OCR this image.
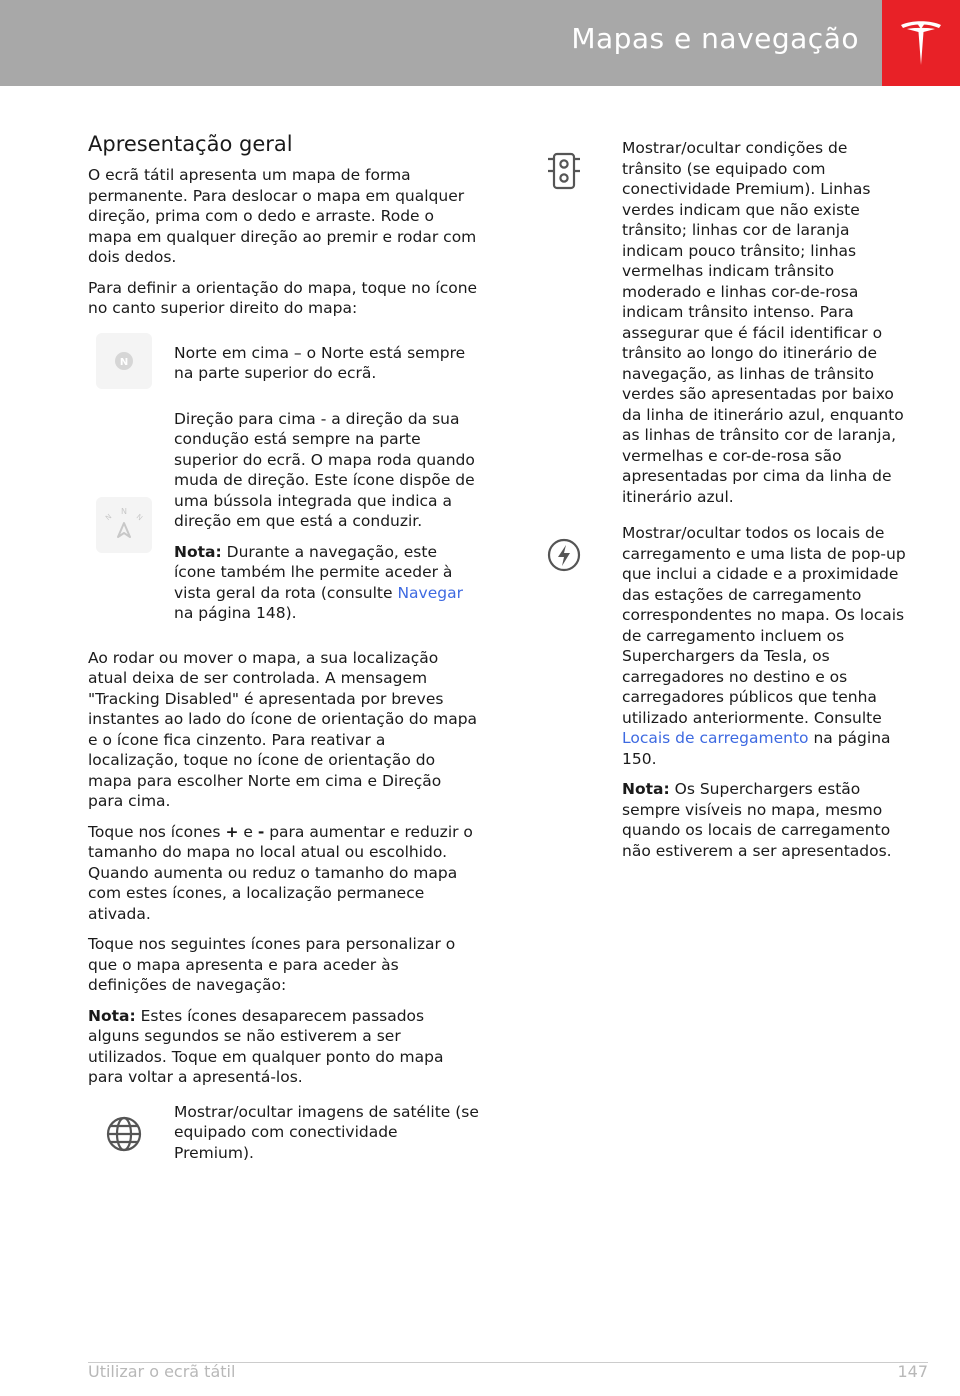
Mapas e navegação
Apresentação geral

O ecrã tátil apresenta um mapa de forma permanente. Para deslocar o mapa em qualquer direção, prima com o dedo e arraste. Rode o mapa em qualquer direção ao premir e rodar com dois dedos.

Para definir a orientação do mapa, toque no ícone no canto superior direito do mapa:

N

Norte em cima – o Norte está sempre na parte superior do ecrã.

N
N	N

Direção para cima - a direção da sua condução está sempre na parte superior do ecrã. O mapa roda quando muda de direção. Este ícone dispõe de uma bússola integrada que indica a direção em que está a conduzir.

Nota: Durante a navegação, este ícone também lhe permite aceder à vista geral da rota (consulte Navegar na página 148).

Ao rodar ou mover o mapa, a sua localização atual deixa de ser controlada. A mensagem "Tracking Disabled" é apresentada por breves instantes ao lado do ícone de orientação do mapa e o ícone fica cinzento. Para reativar a localização, toque no ícone de orientação do mapa para escolher Norte em cima e Direção para cima.

Toque nos ícones + e - para aumentar e reduzir o tamanho do mapa no local atual ou escolhido. Quando aumenta ou reduz o tamanho do mapa com estes ícones, a localização permanece ativada.

Toque nos seguintes ícones para personalizar o que o mapa apresenta e para aceder às definições de navegação:

Nota: Estes ícones desaparecem passados alguns segundos se não estiverem a ser utilizados. Toque em qualquer ponto do mapa para voltar a apresentá-los.

Mostrar/ocultar imagens de satélite (se equipado com conectividade Premium).

Mostrar/ocultar condições de trânsito (se equipado com conectividade Premium). Linhas verdes indicam que não existe trânsito; linhas cor de laranja indicam pouco trânsito; linhas vermelhas indicam trânsito moderado e linhas cor-de-rosa indicam trânsito intenso. Para assegurar que é fácil identificar o trânsito ao longo do itinerário de navegação, as linhas de trânsito verdes são apresentadas por baixo da linha de itinerário azul, enquanto as linhas de trânsito cor de laranja, vermelhas e cor-de-rosa são apresentadas por cima da linha de itinerário azul.

Mostrar/ocultar todos os locais de carregamento e uma lista de pop-up que inclui a cidade e a proximidade das estações de carregamento correspondentes no mapa. Os locais de carregamento incluem os Superchargers da Tesla, os carregadores no destino e os carregadores públicos que tenha utilizado anteriormente. Consulte Locais de carregamento na página 150.

Nota: Os Superchargers estão sempre visíveis no mapa, mesmo quando os locais de carregamento não estiverem a ser apresentados.

Utilizar o ecrã tátil	147
